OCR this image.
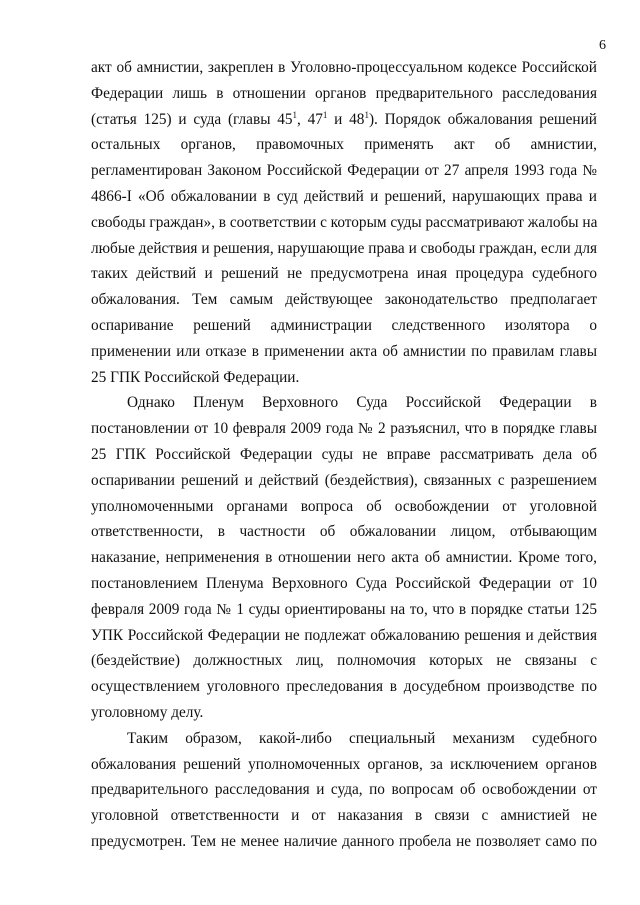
6
акт об амнистии, закреплен в Уголовно-процессуальном кодексе Российской
Федерации лишь в отношении органов предварительного расследования
(статья 125) и суда (главы $45^1$, $47^1$ и $48^1$). Порядок обжалования решений
остальных органов, правомочных применять акт об амнистии,
регламентирован Законом Российской Федерации от 27 апреля 1993 года №
4866-I «Об обжаловании в суд действий и решений, нарушающих права и
свободы граждан», в соответствии с которым суды рассматривают жалобы на
любые действия и решения, нарушающие права и свободы граждан, если для
таких действий и решений не предусмотрена иная процедура судебного
обжалования. Тем самым действующее законодательство предполагает
оспаривание решений администрации следственного изолятора о
применении или отказе в применении акта об амнистии по правилам главы
25 ГПК Российской Федерации.
Однако Пленум Верховного Суда Российской Федерации в
постановлении от 10 февраля 2009 года № 2 разъяснил, что в порядке главы
25 ГПК Российской Федерации суды не вправе рассматривать дела об
оспаривании решений и действий (бездействия), связанных с разрешением
уполномоченными органами вопроса об освобождении от уголовной
ответственности, в частности об обжаловании лицом, отбывающим
наказание, неприменения в отношении него акта об амнистии. Кроме того,
постановлением Пленума Верховного Суда Российской Федерации от 10
февраля 2009 года № 1 суды ориентированы на то, что в порядке статьи 125
УПК Российской Федерации не подлежат обжалованию решения и действия
(бездействие) должностных лиц, полномочия которых не связаны с
осуществлением уголовного преследования в досудебном производстве по
уголовному делу.
Таким образом, какой-либо специальный механизм судебного
обжалования решений уполномоченных органов, за исключением органов
предварительного расследования и суда, по вопросам об освобождении от
уголовной ответственности и от наказания в связи с амнистией не
предусмотрен. Тем не менее наличие данного пробела не позволяет само по
